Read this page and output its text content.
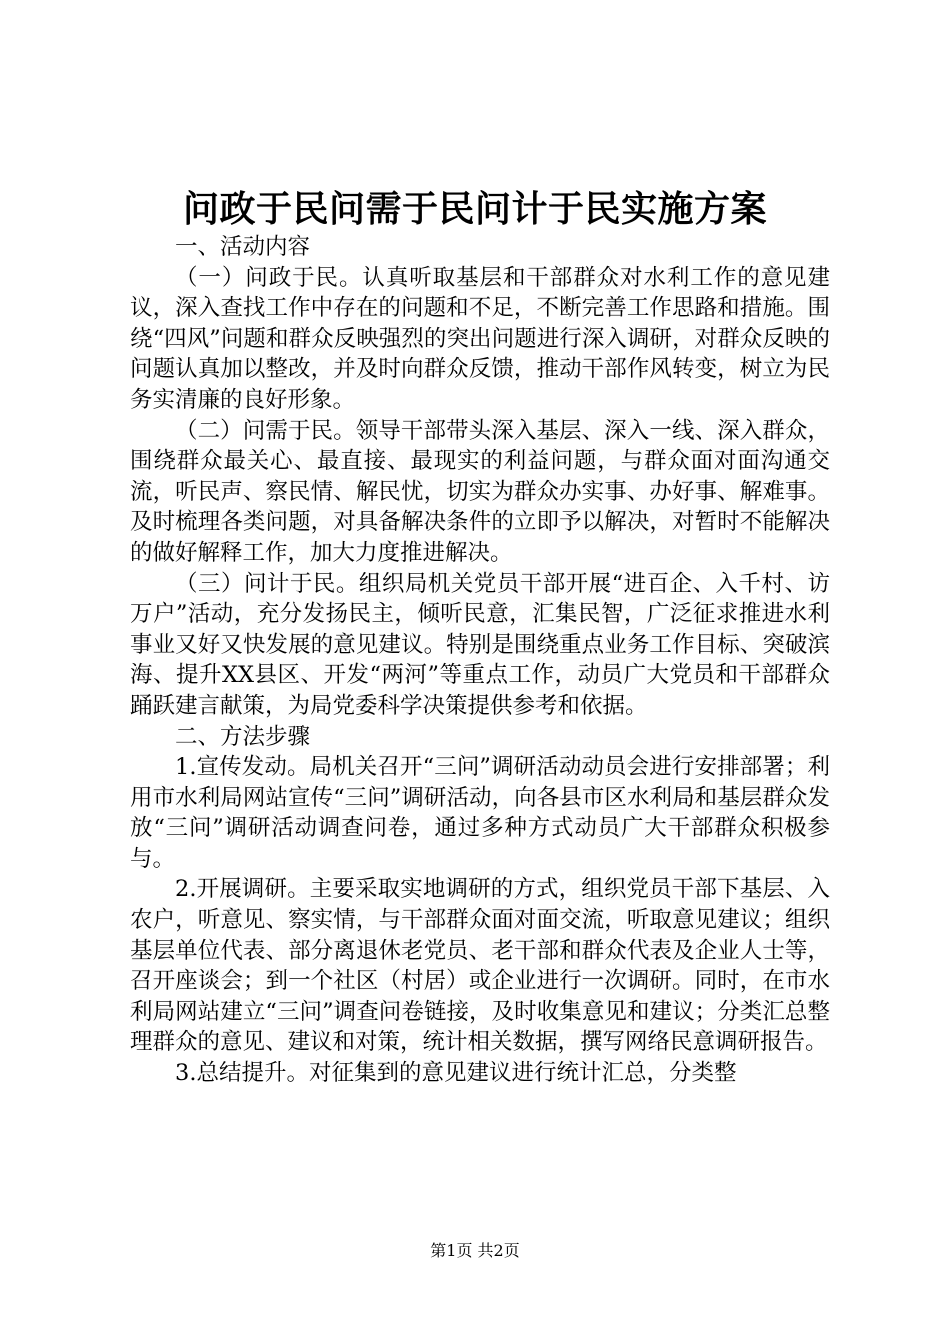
问政于民问需于民问计于民实施方案

一、活动内容

（一）问政于民。认真听取基层和干部群众对水利工作的意见建议，深入查找工作中存在的问题和不足，不断完善工作思路和措施。围绕“四风”问题和群众反映强烈的突出问题进行深入调研，对群众反映的问题认真加以整改，并及时向群众反馈，推动干部作风转变，树立为民务实清廉的良好形象。

（二）问需于民。领导干部带头深入基层、深入一线、深入群众，围绕群众最关心、最直接、最现实的利益问题，与群众面对面沟通交流，听民声、察民情、解民忧，切实为群众办实事、办好事、解难事。及时梳理各类问题，对具备解决条件的立即予以解决，对暂时不能解决的做好解释工作，加大力度推进解决。

（三）问计于民。组织局机关党员干部开展“进百企、入千村、访万户”活动，充分发扬民主，倾听民意，汇集民智，广泛征求推进水利事业又好又快发展的意见建议。特别是围绕重点业务工作目标、突破滨海、提升XX县区、开发“两河”等重点工作，动员广大党员和干部群众踊跃建言献策，为局党委科学决策提供参考和依据。

二、方法步骤

1.宣传发动。局机关召开“三问”调研活动动员会进行安排部署；利用市水利局网站宣传“三问”调研活动，向各县市区水利局和基层群众发放“三问”调研活动调查问卷，通过多种方式动员广大干部群众积极参与。

2.开展调研。主要采取实地调研的方式，组织党员干部下基层、入农户，听意见、察实情，与干部群众面对面交流，听取意见建议；组织基层单位代表、部分离退休老党员、老干部和群众代表及企业人士等，召开座谈会；到一个社区（村居）或企业进行一次调研。同时，在市水利局网站建立“三问”调查问卷链接，及时收集意见和建议；分类汇总整理群众的意见、建议和对策，统计相关数据，撰写网络民意调研报告。

3.总结提升。对征集到的意见建议进行统计汇总，分类整

第1页 共2页
